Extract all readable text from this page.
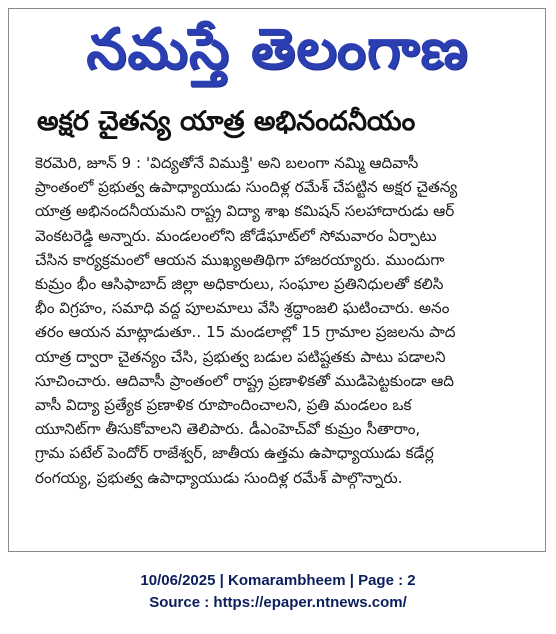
నమస్తే తెలంగాణ
అక్షర చైతన్య యాత్ర అభినందనీయం
కెరమెరి, జూన్ 9 : 'విద్యతోనే విముక్తి' అని బలంగా నమ్మి ఆదివాసీ
ప్రాంతంలో ప్రభుత్వ ఉపాధ్యాయుడు సుందిళ్ల రమేశ్ చేపట్టిన అక్షర చైతన్య
యాత్ర అభినందనీయమని రాష్ట్ర విద్యా శాఖ కమిషన్ సలహాదారుడు ఆర్
వెంకటరెడ్డి అన్నారు. మండలంలోని జోడేఘాట్‌లో సోమవారం ఏర్పాటు
చేసిన కార్యక్రమంలో ఆయన ముఖ్యఅతిథిగా హాజరయ్యారు. ముందుగా
కుమ్రం భీం ఆసిఫాబాద్ జిల్లా అధికారులు, సంఘాల ప్రతినిధులతో కలిసి
భీం విగ్రహం, సమాధి వద్ద పూలమాలు వేసి శ్రద్ధాంజలి ఘటించారు. అనం
తరం ఆయన మాట్లాడుతూ.. 15 మండలాల్లో 15 గ్రామాల ప్రజలను పాద
యాత్ర ద్వారా చైతన్యం చేసి, ప్రభుత్వ బడుల పటిష్టతకు పాటు పడాలని
సూచించారు. ఆదివాసీ ప్రాంతంలో రాష్ట్ర ప్రణాళికతో ముడిపెట్టకుండా ఆది
వాసీ విద్యా ప్రత్యేక ప్రణాళిక రూపొందించాలని, ప్రతి మండలం ఒక
యూనిట్‌గా తీసుకోవాలని తెలిపారు. డీఎంహెచ్‌వో కుమ్రం సీతారాం,
గ్రామ పటేల్ పెందోర్ రాజేశ్వర్, జాతీయ ఉత్తమ ఉపాధ్యాయుడు కడేర్ల
రంగయ్య, ప్రభుత్వ ఉపాధ్యాయుడు సుందిళ్ల రమేశ్ పాల్గొన్నారు.
10/06/2025 | Komarambheem | Page : 2
Source : https://epaper.ntnews.com/
